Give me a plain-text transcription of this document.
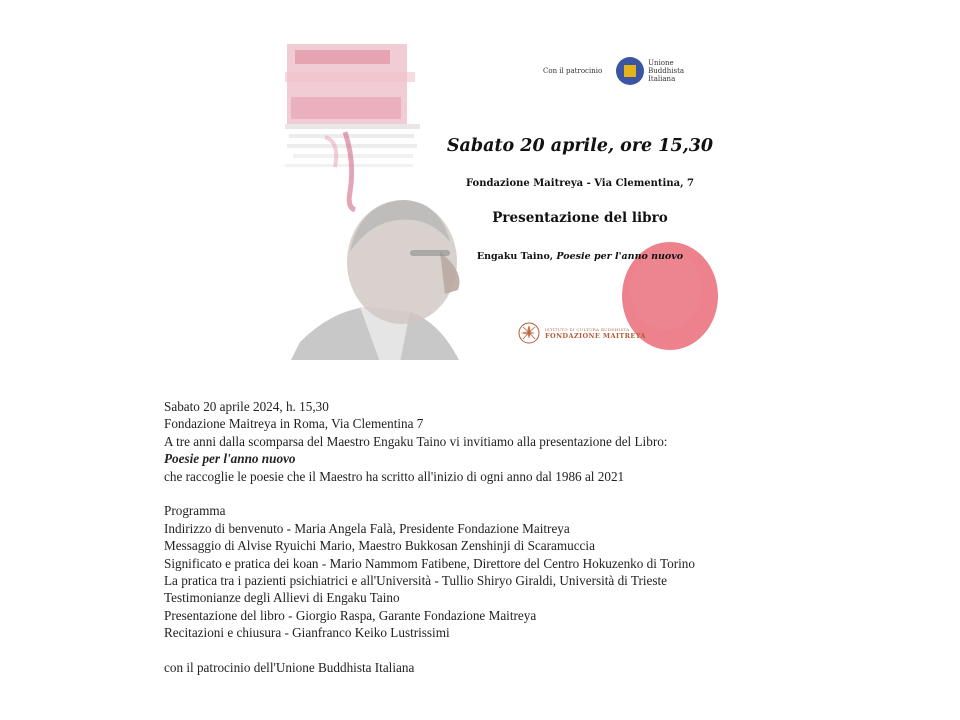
Con il patrocinio
Unione
Buddhista
Italiana
Sabato 20 aprile, ore 15,30
Fondazione Maitreya - Via Clementina, 7
Presentazione del libro
Engaku Taino, Poesie per l'anno nuovo
ISTITUTO DI CULTURA BUDDHISTA
FONDAZIONE MAITREYA
Sabato 20 aprile 2024, h. 15,30
Fondazione Maitreya in Roma, Via Clementina 7
A tre anni dalla scomparsa del Maestro Engaku Taino vi invitiamo alla presentazione del Libro:
Poesie per l'anno nuovo
che raccoglie le poesie che il Maestro ha scritto all'inizio di ogni anno dal 1986 al 2021
Programma
Indirizzo di benvenuto - Maria Angela Falà, Presidente Fondazione Maitreya
Messaggio di Alvise Ryuichi Mario, Maestro Bukkosan Zenshinji di Scaramuccia
Significato e pratica dei koan - Mario Nammom Fatibene, Direttore del Centro Hokuzenko di Torino
La pratica tra i pazienti psichiatrici e all'Università - Tullio Shiryo Giraldi, Università di Trieste
Testimonianze degli Allievi di Engaku Taino
Presentazione del libro - Giorgio Raspa, Garante Fondazione Maitreya
Recitazioni e chiusura - Gianfranco Keiko Lustrissimi
con il patrocinio dell'Unione Buddhista Italiana
